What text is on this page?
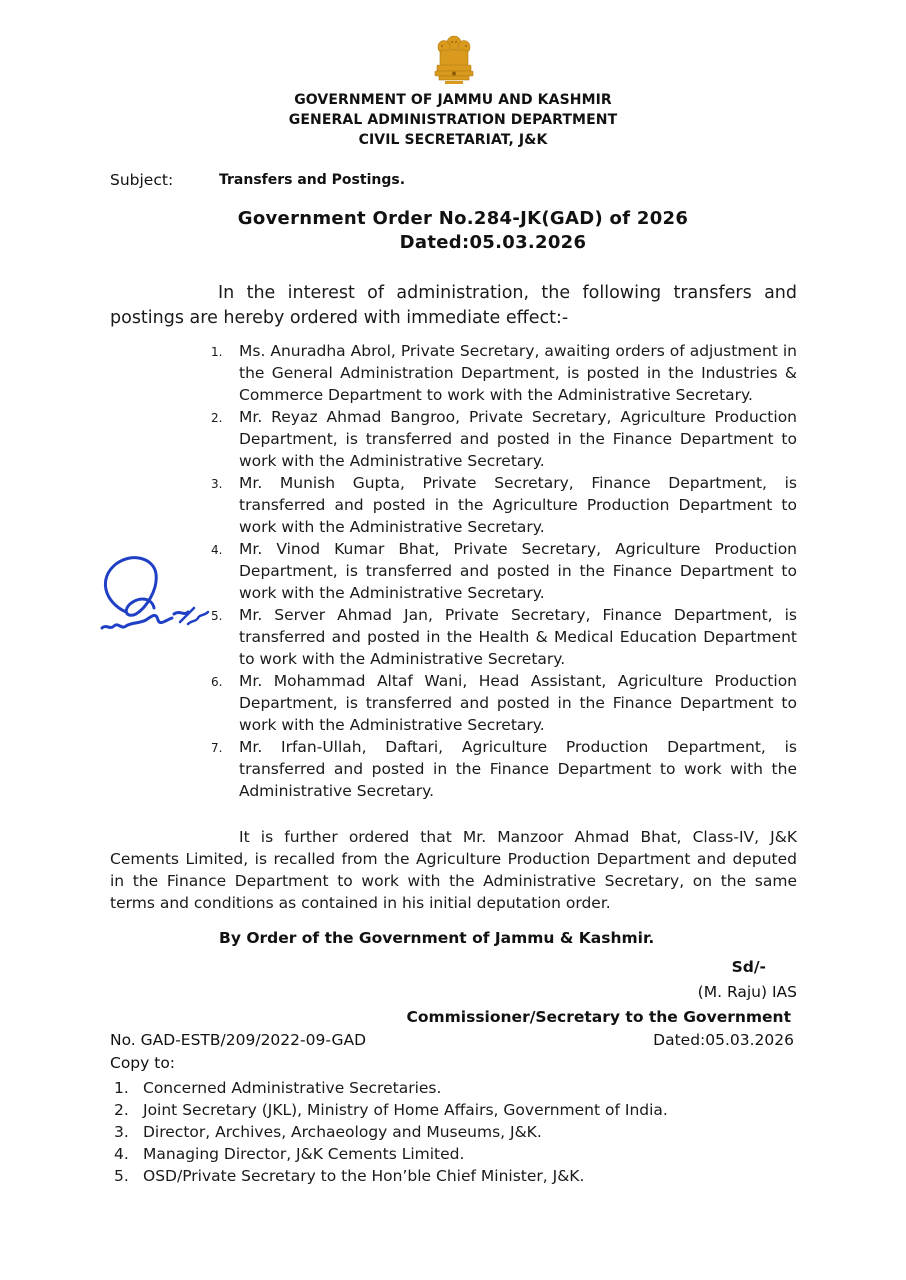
GOVERNMENT OF JAMMU AND KASHMIR
GENERAL ADMINISTRATION DEPARTMENT
CIVIL SECRETARIAT, J&K
Subject:	Transfers and Postings.
Government Order No.284-JK(GAD) of 2026
Dated:05.03.2026
In the interest of administration, the following transfers and postings are hereby ordered with immediate effect:-
1. Ms. Anuradha Abrol, Private Secretary, awaiting orders of adjustment in the General Administration Department, is posted in the Industries & Commerce Department to work with the Administrative Secretary.
2. Mr. Reyaz Ahmad Bangroo, Private Secretary, Agriculture Production Department, is transferred and posted in the Finance Department to work with the Administrative Secretary.
3. Mr. Munish Gupta, Private Secretary, Finance Department, is transferred and posted in the Agriculture Production Department to work with the Administrative Secretary.
4. Mr. Vinod Kumar Bhat, Private Secretary, Agriculture Production Department, is transferred and posted in the Finance Department to work with the Administrative Secretary.
5. Mr. Server Ahmad Jan, Private Secretary, Finance Department, is transferred and posted in the Health & Medical Education Department to work with the Administrative Secretary.
6. Mr. Mohammad Altaf Wani, Head Assistant, Agriculture Production Department, is transferred and posted in the Finance Department to work with the Administrative Secretary.
7. Mr. Irfan-Ullah, Daftari, Agriculture Production Department, is transferred and posted in the Finance Department to work with the Administrative Secretary.
It is further ordered that Mr. Manzoor Ahmad Bhat, Class-IV, J&K Cements Limited, is recalled from the Agriculture Production Department and deputed in the Finance Department to work with the Administrative Secretary, on the same terms and conditions as contained in his initial deputation order.
By Order of the Government of Jammu & Kashmir.
Sd/-
(M. Raju) IAS
Commissioner/Secretary to the Government
No. GAD-ESTB/209/2022-09-GAD	Dated:05.03.2026
Copy to:
1. Concerned Administrative Secretaries.
2. Joint Secretary (JKL), Ministry of Home Affairs, Government of India.
3. Director, Archives, Archaeology and Museums, J&K.
4. Managing Director, J&K Cements Limited.
5. OSD/Private Secretary to the Hon’ble Chief Minister, J&K.
